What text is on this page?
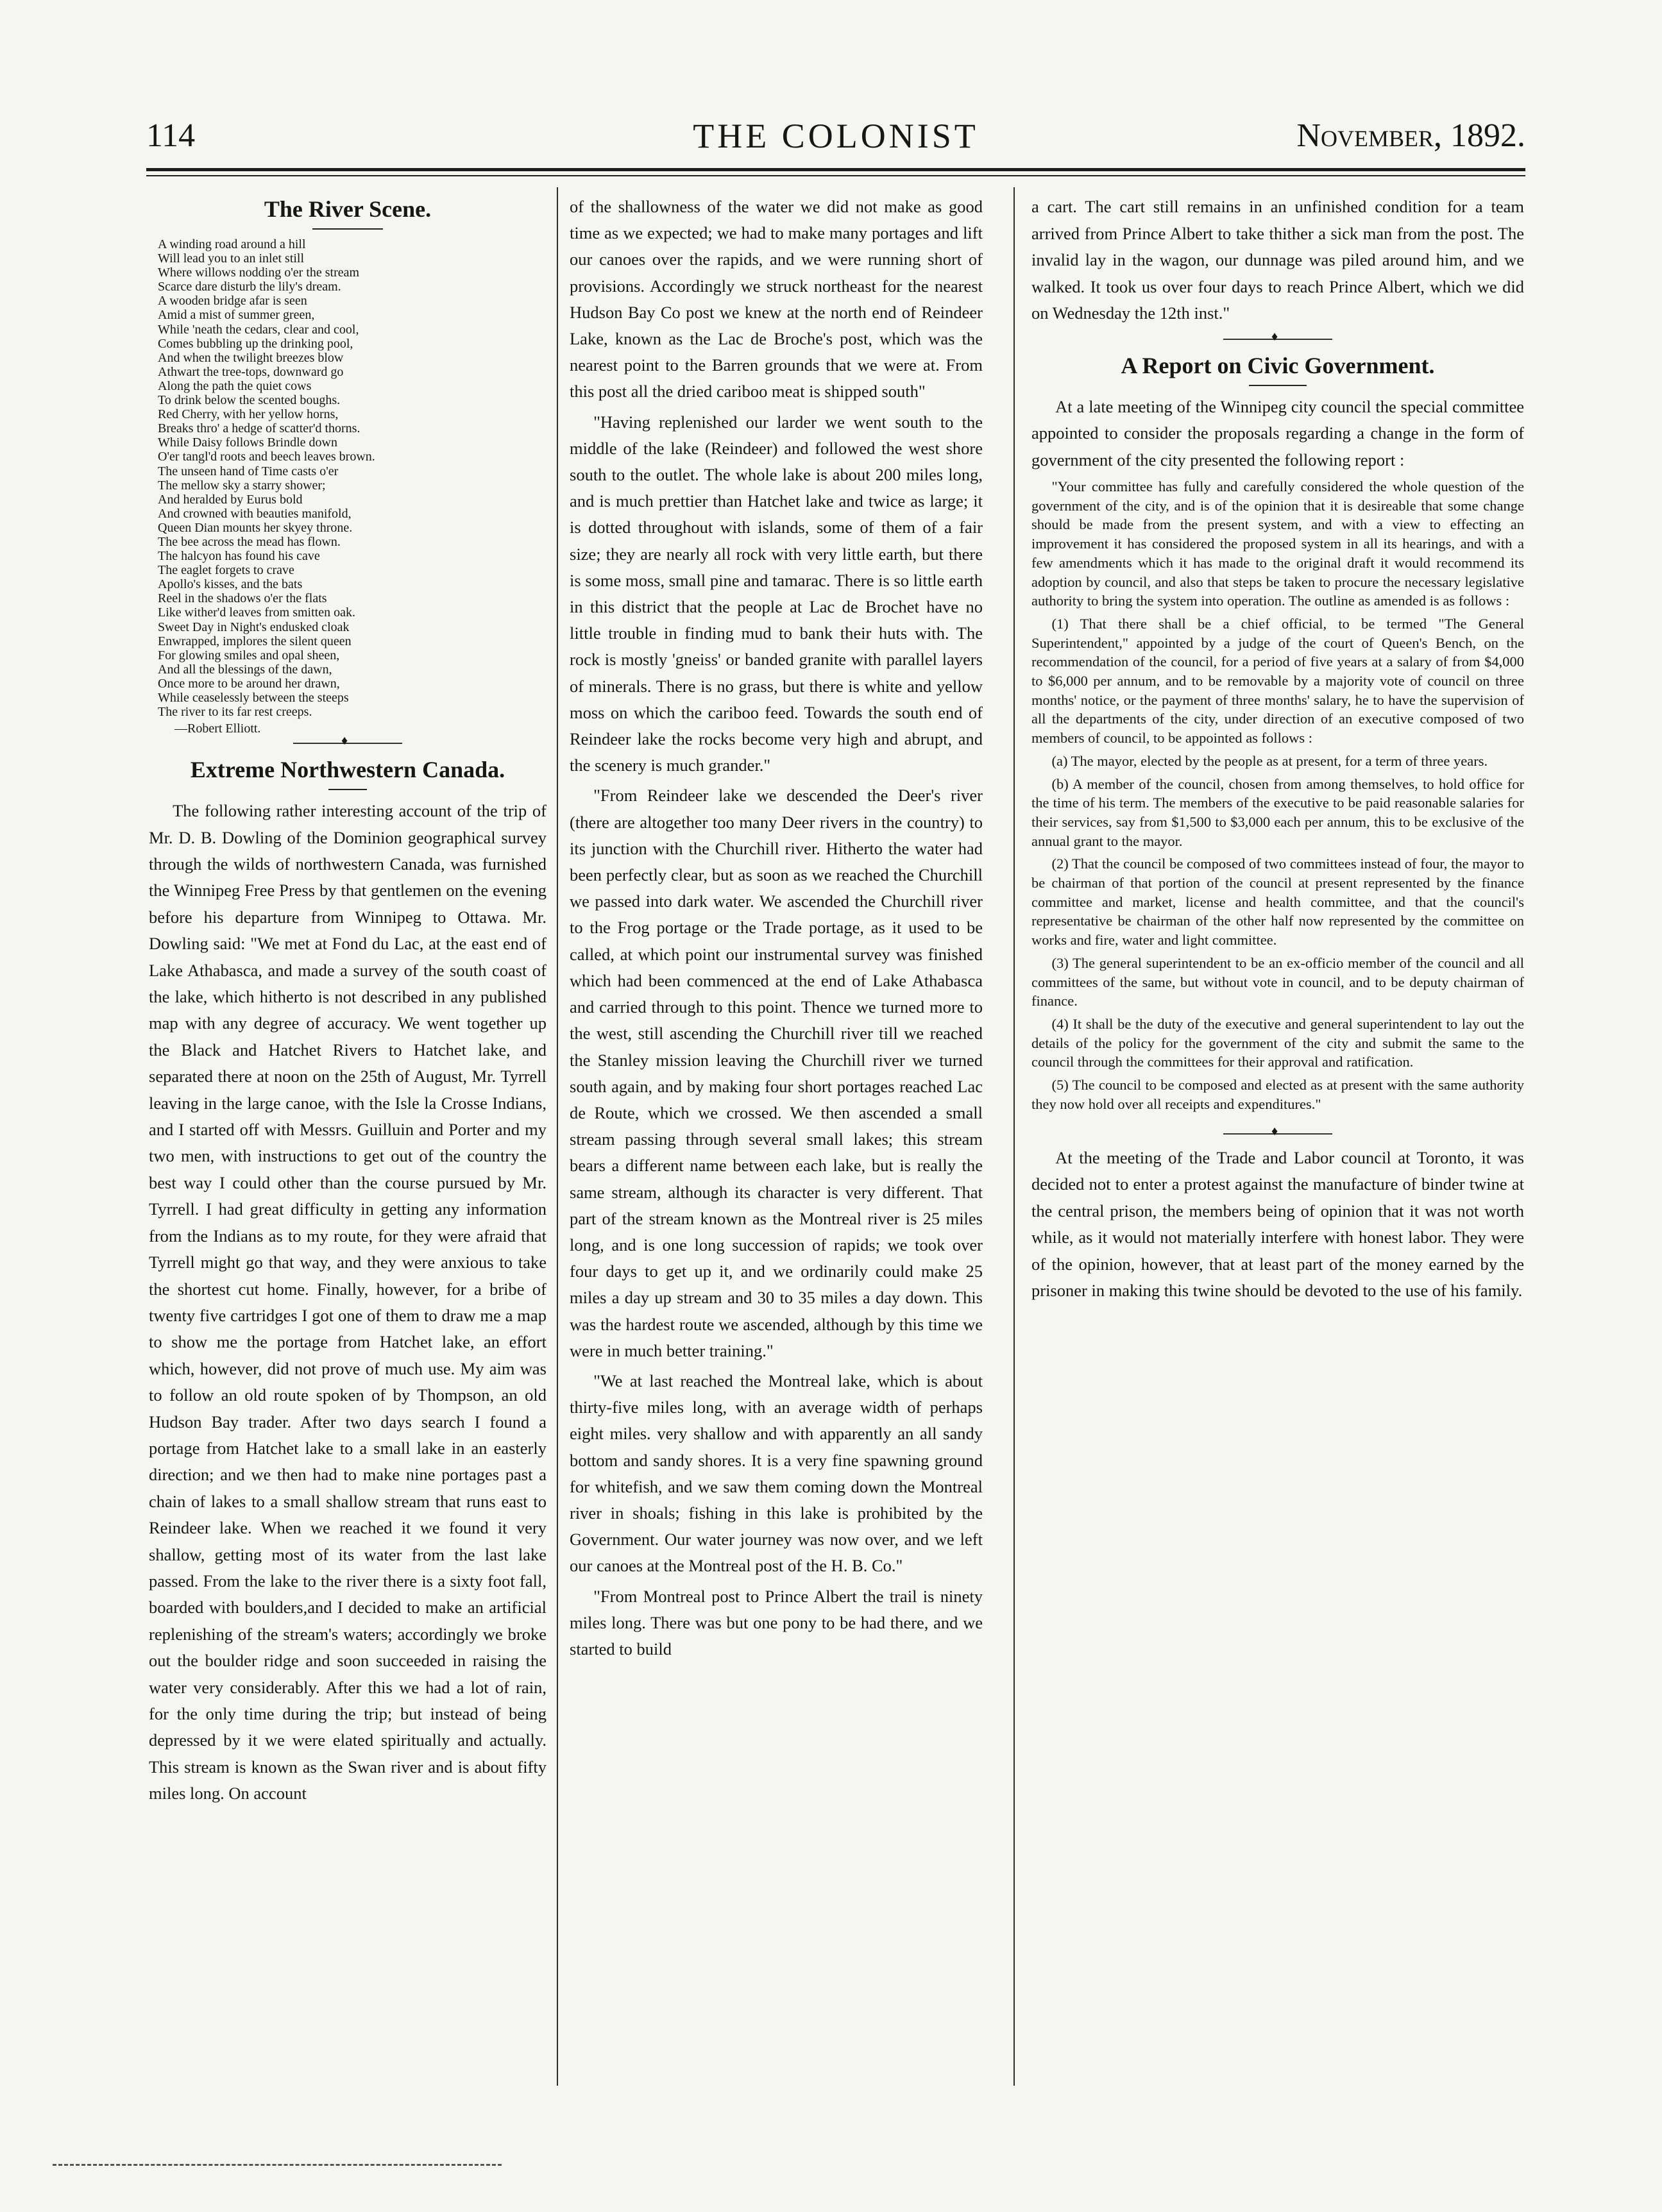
114	THE COLONIST	November, 1892.
The River Scene.
A winding road around a hill
Will lead you to an inlet still
Where willows nodding o'er the stream
Scarce dare disturb the lily's dream.
A wooden bridge afar is seen
Amid a mist of summer green,
While 'neath the cedars, clear and cool,
Comes bubbling up the drinking pool,
And when the twilight breezes blow
Athwart the tree-tops, downward go
Along the path the quiet cows
To drink below the scented boughs.
Red Cherry, with her yellow horns,
Breaks thro' a hedge of scatter'd thorns.
While Daisy follows Brindle down
O'er tangl'd roots and beech leaves brown.
The unseen hand of Time casts o'er
The mellow sky a starry shower;
And heralded by Eurus bold
And crowned with beauties manifold,
Queen Dian mounts her skyey throne.
The bee across the mead has flown.
The halcyon has found his cave
The eaglet forgets to crave
Apollo's kisses, and the bats
Reel in the shadows o'er the flats
Like wither'd leaves from smitten oak.
Sweet Day in Night's endusked cloak
Enwrapped, implores the silent queen
For glowing smiles and opal sheen,
And all the blessings of the dawn,
Once more to be around her drawn,
While ceaselessly between the steeps
The river to its far rest creeps.
—Robert Elliott.
♦
Extreme Northwestern Canada.

The following rather interesting account of the trip of Mr. D. B. Dowling of the Dominion geographical survey through the wilds of northwestern Canada, was furnished the Winnipeg Free Press by that gentlemen on the evening before his departure from Winnipeg to Ottawa. Mr. Dowling said: "We met at Fond du Lac, at the east end of Lake Athabasca, and made a survey of the south coast of the lake, which hitherto is not described in any published map with any degree of accuracy. We went together up the Black and Hatchet Rivers to Hatchet lake, and separated there at noon on the 25th of August, Mr. Tyrrell leaving in the large canoe, with the Isle la Crosse Indians, and I started off with Messrs. Guilluin and Porter and my two men, with instructions to get out of the country the best way I could other than the course pursued by Mr. Tyrrell. I had great difficulty in getting any information from the Indians as to my route, for they were afraid that Tyrrell might go that way, and they were anxious to take the shortest cut home. Finally, however, for a bribe of twenty five cartridges I got one of them to draw me a map to show me the portage from Hatchet lake, an effort which, however, did not prove of much use. My aim was to follow an old route spoken of by Thompson, an old Hudson Bay trader. After two days search I found a portage from Hatchet lake to a small lake in an easterly direction; and we then had to make nine portages past a chain of lakes to a small shallow stream that runs east to Reindeer lake. When we reached it we found it very shallow, getting most of its water from the last lake passed. From the lake to the river there is a sixty foot fall, boarded with boulders,and I decided to make an artificial replenishing of the stream's waters; accordingly we broke out the boulder ridge and soon succeeded in raising the water very considerably. After this we had a lot of rain, for the only time during the trip; but instead of being depressed by it we were elated spiritually and actually. This stream is known as the Swan river and is about fifty miles long. On account

of the shallowness of the water we did not make as good time as we expected; we had to make many portages and lift our canoes over the rapids, and we were running short of provisions. Accordingly we struck northeast for the nearest Hudson Bay Co post we knew at the north end of Reindeer Lake, known as the Lac de Broche's post, which was the nearest point to the Barren grounds that we were at. From this post all the dried cariboo meat is shipped south"

"Having replenished our larder we went south to the middle of the lake (Reindeer) and followed the west shore south to the outlet. The whole lake is about 200 miles long, and is much prettier than Hatchet lake and twice as large; it is dotted throughout with islands, some of them of a fair size; they are nearly all rock with very little earth, but there is some moss, small pine and tamarac. There is so little earth in this district that the people at Lac de Brochet have no little trouble in finding mud to bank their huts with. The rock is mostly 'gneiss' or banded granite with parallel layers of minerals. There is no grass, but there is white and yellow moss on which the cariboo feed. Towards the south end of Reindeer lake the rocks become very high and abrupt, and the scenery is much grander."

"From Reindeer lake we descended the Deer's river (there are altogether too many Deer rivers in the country) to its junction with the Churchill river. Hitherto the water had been perfectly clear, but as soon as we reached the Churchill we passed into dark water. We ascended the Churchill river to the Frog portage or the Trade portage, as it used to be called, at which point our instrumental survey was finished which had been commenced at the end of Lake Athabasca and carried through to this point. Thence we turned more to the west, still ascending the Churchill river till we reached the Stanley mission leaving the Churchill river we turned south again, and by making four short portages reached Lac de Route, which we crossed. We then ascended a small stream passing through several small lakes; this stream bears a different name between each lake, but is really the same stream, although its character is very different. That part of the stream known as the Montreal river is 25 miles long, and is one long succession of rapids; we took over four days to get up it, and we ordinarily could make 25 miles a day up stream and 30 to 35 miles a day down. This was the hardest route we ascended, although by this time we were in much better training."

"We at last reached the Montreal lake, which is about thirty-five miles long, with an average width of perhaps eight miles. very shallow and with apparently an all sandy bottom and sandy shores. It is a very fine spawning ground for whitefish, and we saw them coming down the Montreal river in shoals; fishing in this lake is prohibited by the Government. Our water journey was now over, and we left our canoes at the Montreal post of the H. B. Co."

"From Montreal post to Prince Albert the trail is ninety miles long. There was but one pony to be had there, and we started to build

a cart. The cart still remains in an unfinished condition for a team arrived from Prince Albert to take thither a sick man from the post. The invalid lay in the wagon, our dunnage was piled around him, and we walked. It took us over four days to reach Prince Albert, which we did on Wednesday the 12th inst."

♦
A Report on Civic Government.

At a late meeting of the Winnipeg city council the special committee appointed to consider the proposals regarding a change in the form of government of the city presented the following report :

"Your committee has fully and carefully considered the whole question of the government of the city, and is of the opinion that it is desireable that some change should be made from the present system, and with a view to effecting an improvement it has considered the proposed system in all its hearings, and with a few amendments which it has made to the original draft it would recommend its adoption by council, and also that steps be taken to procure the necessary legislative authority to bring the system into operation. The outline as amended is as follows :

(1) That there shall be a chief official, to be termed "The General Superintendent," appointed by a judge of the court of Queen's Bench, on the recommendation of the council, for a period of five years at a salary of from $4,000 to $6,000 per annum, and to be removable by a majority vote of council on three months' notice, or the payment of three months' salary, he to have the supervision of all the departments of the city, under direction of an executive composed of two members of council, to be appointed as follows :

(a) The mayor, elected by the people as at present, for a term of three years.

(b) A member of the council, chosen from among themselves, to hold office for the time of his term. The members of the executive to be paid reasonable salaries for their services, say from $1,500 to $3,000 each per annum, this to be exclusive of the annual grant to the mayor.

(2) That the council be composed of two committees instead of four, the mayor to be chairman of that portion of the council at present represented by the finance committee and market, license and health committee, and that the council's representative be chairman of the other half now represented by the committee on works and fire, water and light committee.

(3) The general superintendent to be an ex-officio member of the council and all committees of the same, but without vote in council, and to be deputy chairman of finance.

(4) It shall be the duty of the executive and general superintendent to lay out the details of the policy for the government of the city and submit the same to the council through the committees for their approval and ratification.

(5) The council to be composed and elected as at present with the same authority they now hold over all receipts and expenditures."

♦

At the meeting of the Trade and Labor council at Toronto, it was decided not to enter a protest against the manufacture of binder twine at the central prison, the members being of opinion that it was not worth while, as it would not materially interfere with honest labor. They were of the opinion, however, that at least part of the money earned by the prisoner in making this twine should be devoted to the use of his family.
